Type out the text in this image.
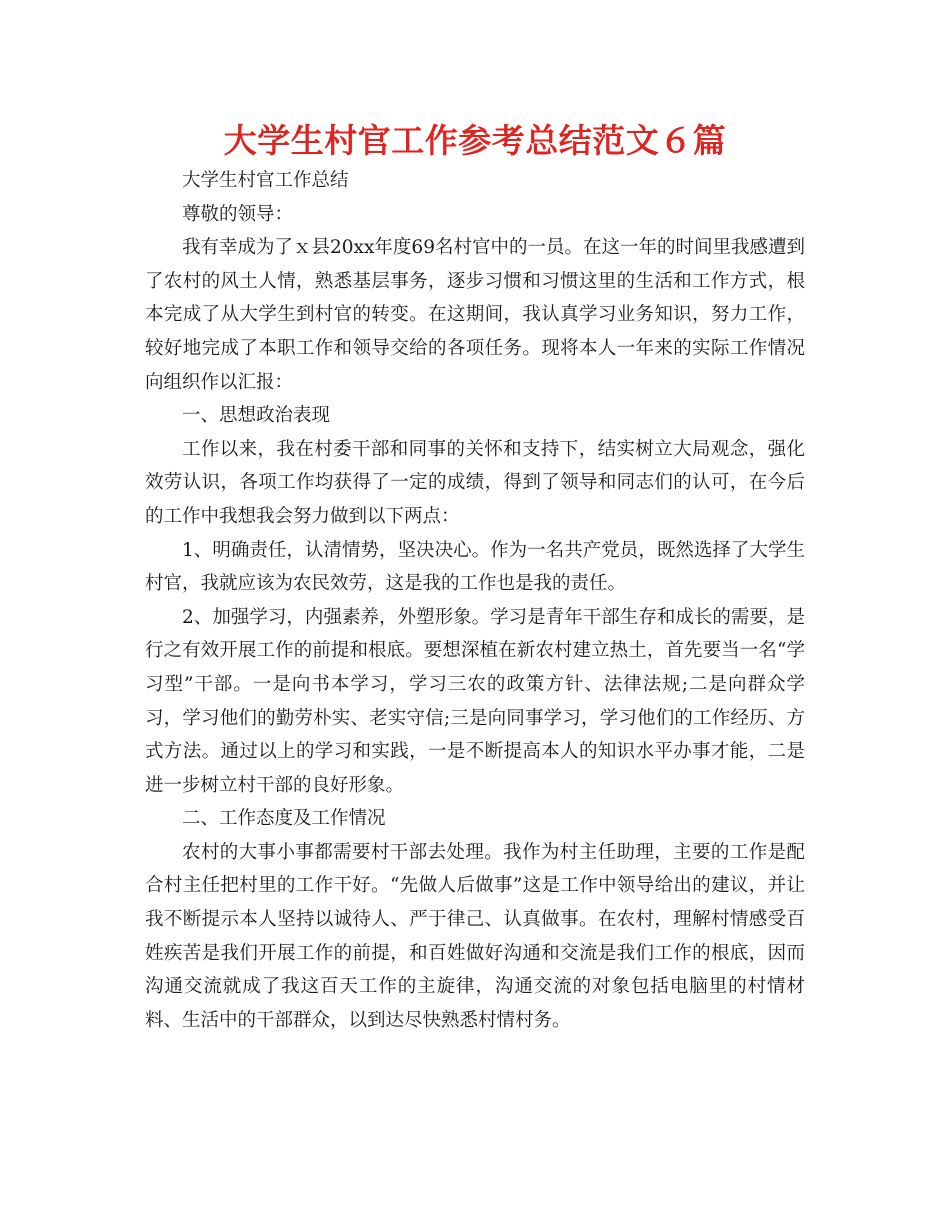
大学生村官工作参考总结范文６篇

大学生村官工作总结

尊敬的领导：

我有幸成为了ｘ县20xx年度69名村官中的一员。在这一年的时间里我感遭到了农村的风土人情，熟悉基层事务，逐步习惯和习惯这里的生活和工作方式，根本完成了从大学生到村官的转变。在这期间，我认真学习业务知识，努力工作，较好地完成了本职工作和领导交给的各项任务。现将本人一年来的实际工作情况向组织作以汇报：

一、思想政治表现

工作以来，我在村委干部和同事的关怀和支持下，结实树立大局观念，强化效劳认识，各项工作均获得了一定的成绩，得到了领导和同志们的认可，在今后的工作中我想我会努力做到以下两点：

1、明确责任，认清情势，坚决决心。作为一名共产党员，既然选择了大学生村官，我就应该为农民效劳，这是我的工作也是我的责任。

2、加强学习，内强素养，外塑形象。学习是青年干部生存和成长的需要，是行之有效开展工作的前提和根底。要想深植在新农村建立热土，首先要当一名“学习型”干部。一是向书本学习，学习三农的政策方针、法律法规;二是向群众学习，学习他们的勤劳朴实、老实守信;三是向同事学习，学习他们的工作经历、方式方法。通过以上的学习和实践，一是不断提高本人的知识水平办事才能，二是进一步树立村干部的良好形象。

二、工作态度及工作情况

农村的大事小事都需要村干部去处理。我作为村主任助理，主要的工作是配合村主任把村里的工作干好。“先做人后做事”这是工作中领导给出的建议，并让我不断提示本人坚持以诚待人、严于律己、认真做事。在农村，理解村情感受百姓疾苦是我们开展工作的前提，和百姓做好沟通和交流是我们工作的根底，因而沟通交流就成了我这百天工作的主旋律，沟通交流的对象包括电脑里的村情材料、生活中的干部群众，以到达尽快熟悉村情村务。
